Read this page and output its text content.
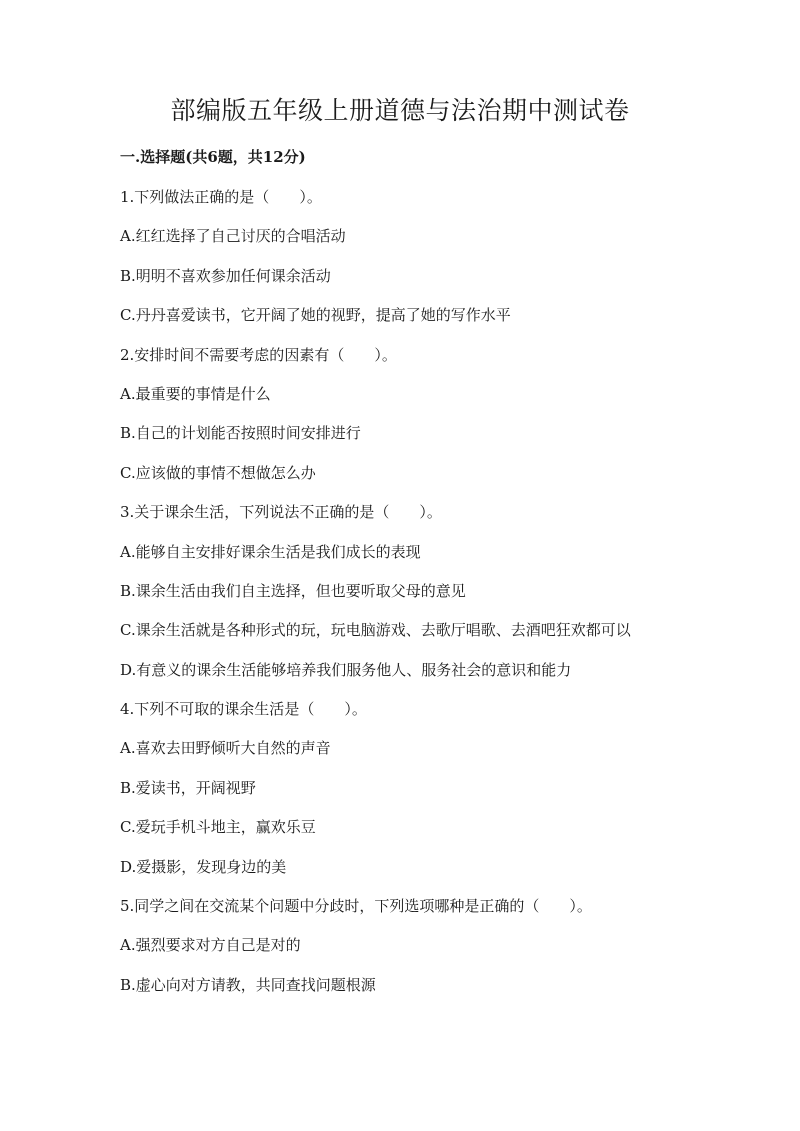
部编版五年级上册道德与法治期中测试卷
一.选择题(共6题，共12分)
1.下列做法正确的是（　　）。
A.红红选择了自己讨厌的合唱活动
B.明明不喜欢参加任何课余活动
C.丹丹喜爱读书，它开阔了她的视野，提高了她的写作水平
2.安排时间不需要考虑的因素有（　　）。
A.最重要的事情是什么
B.自己的计划能否按照时间安排进行
C.应该做的事情不想做怎么办
3.关于课余生活，下列说法不正确的是（　　）。
A.能够自主安排好课余生活是我们成长的表现
B.课余生活由我们自主选择，但也要听取父母的意见
C.课余生活就是各种形式的玩，玩电脑游戏、去歌厅唱歌、去酒吧狂欢都可以
D.有意义的课余生活能够培养我们服务他人、服务社会的意识和能力
4.下列不可取的课余生活是（　　）。
A.喜欢去田野倾听大自然的声音
B.爱读书，开阔视野
C.爱玩手机斗地主，赢欢乐豆
D.爱摄影，发现身边的美
5.同学之间在交流某个问题中分歧时，下列选项哪种是正确的（　　）。
A.强烈要求对方自己是对的
B.虚心向对方请教，共同查找问题根源
